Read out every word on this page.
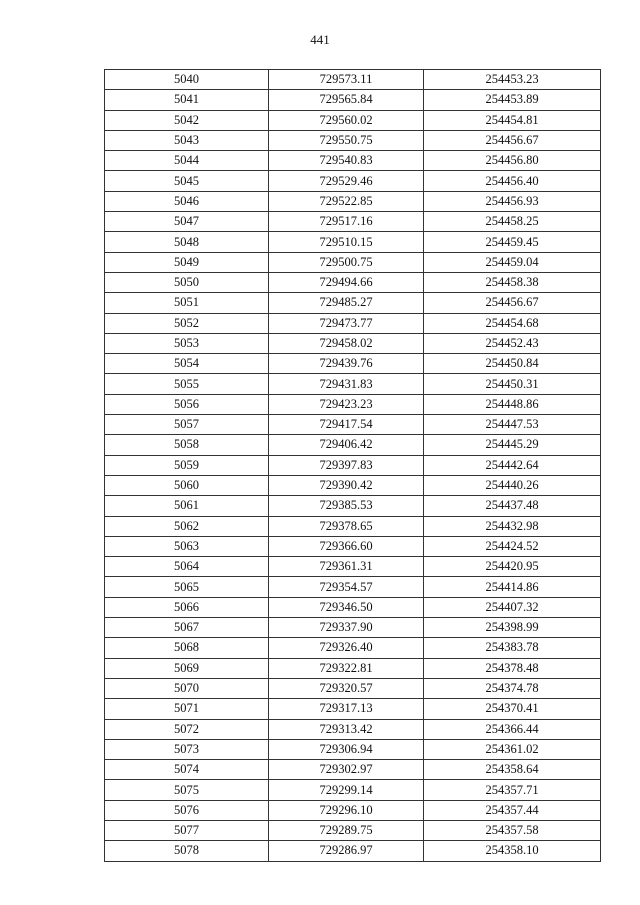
441
5040	729573.11	254453.23
5041	729565.84	254453.89
5042	729560.02	254454.81
5043	729550.75	254456.67
5044	729540.83	254456.80
5045	729529.46	254456.40
5046	729522.85	254456.93
5047	729517.16	254458.25
5048	729510.15	254459.45
5049	729500.75	254459.04
5050	729494.66	254458.38
5051	729485.27	254456.67
5052	729473.77	254454.68
5053	729458.02	254452.43
5054	729439.76	254450.84
5055	729431.83	254450.31
5056	729423.23	254448.86
5057	729417.54	254447.53
5058	729406.42	254445.29
5059	729397.83	254442.64
5060	729390.42	254440.26
5061	729385.53	254437.48
5062	729378.65	254432.98
5063	729366.60	254424.52
5064	729361.31	254420.95
5065	729354.57	254414.86
5066	729346.50	254407.32
5067	729337.90	254398.99
5068	729326.40	254383.78
5069	729322.81	254378.48
5070	729320.57	254374.78
5071	729317.13	254370.41
5072	729313.42	254366.44
5073	729306.94	254361.02
5074	729302.97	254358.64
5075	729299.14	254357.71
5076	729296.10	254357.44
5077	729289.75	254357.58
5078	729286.97	254358.10
